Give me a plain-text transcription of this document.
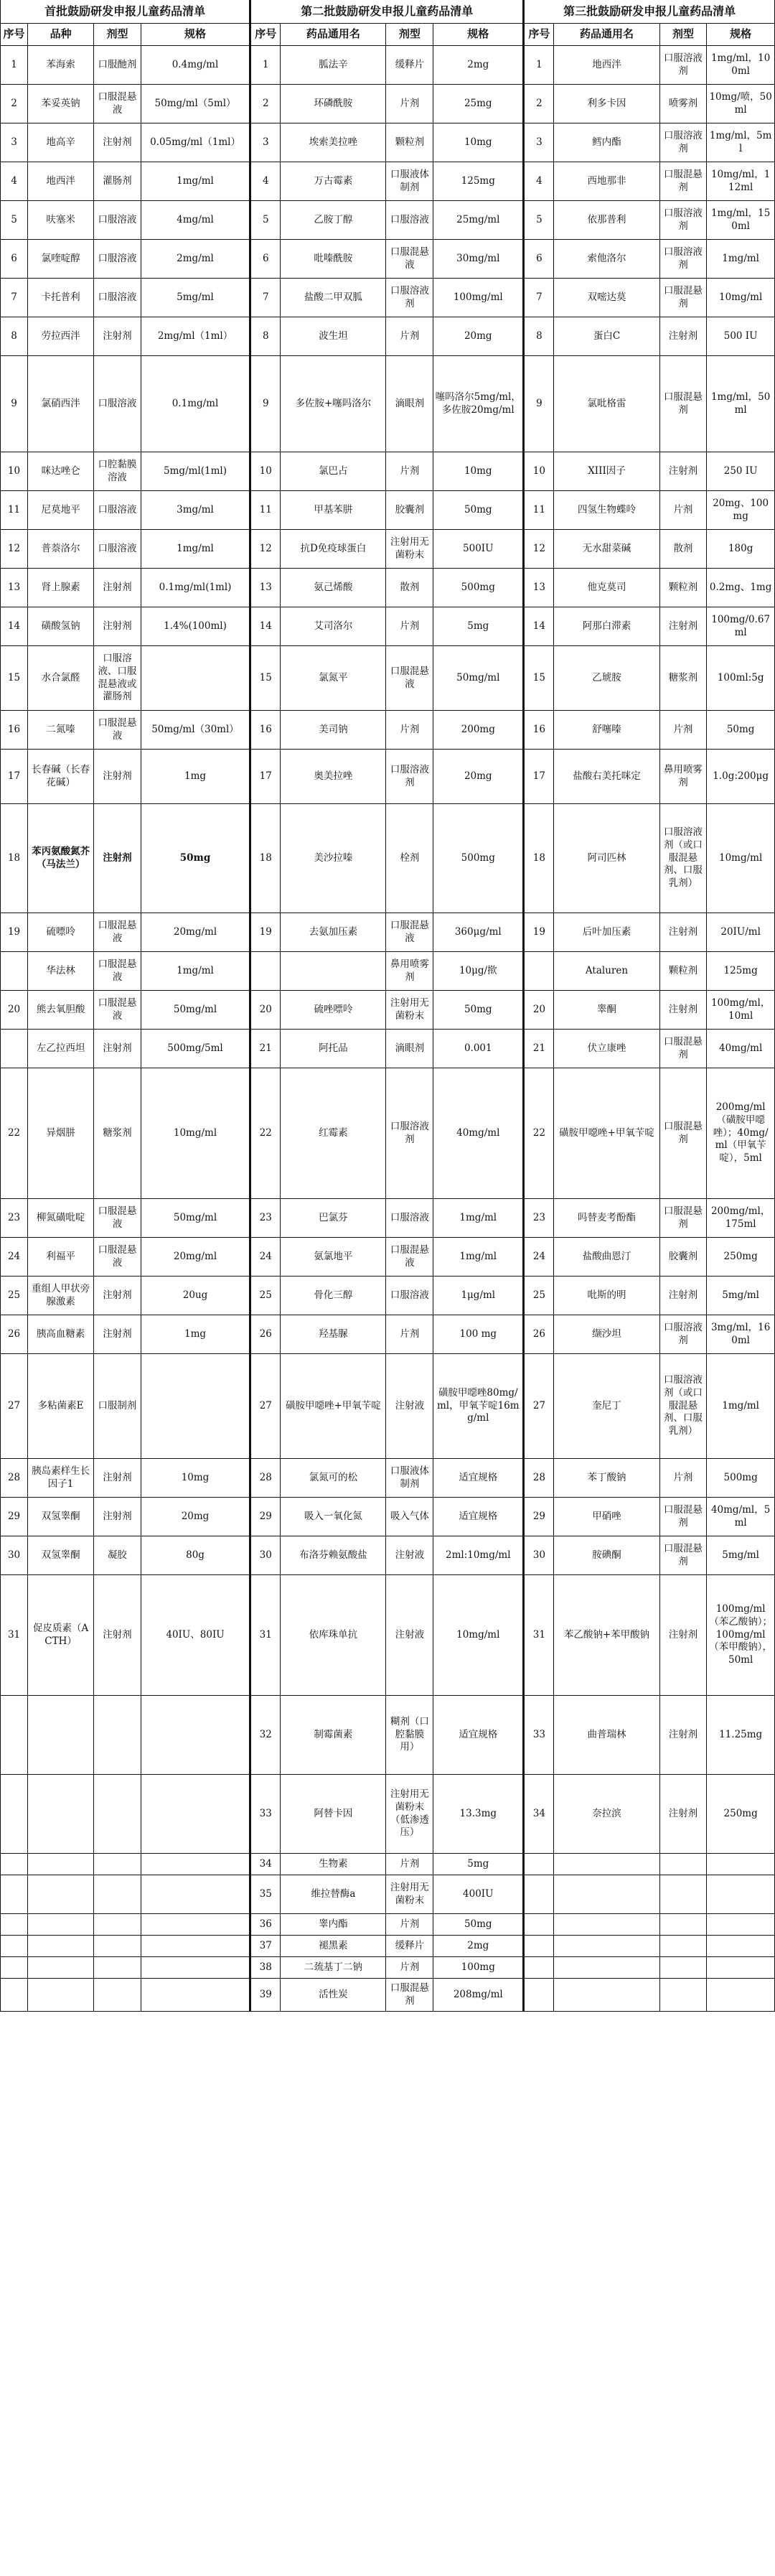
首批鼓励研发申报儿童药品清单				第二批鼓励研发申报儿童药品清单				第三批鼓励研发申报儿童药品清单			
序号	品种	剂型	规格	序号	药品通用名	剂型	规格	序号	药品通用名	剂型	规格
1	苯海索	口服酏剂	0.4mg/ml	1	胍法辛	缓释片	2mg	1	地西泮	口服溶液剂	1mg/ml，100ml
2	苯妥英钠	口服混悬液	50mg/ml（5ml）	2	环磷酰胺	片剂	25mg	2	利多卡因	喷雾剂	10mg/喷，50ml
3	地高辛	注射剂	0.05mg/ml（1ml）	3	埃索美拉唑	颗粒剂	10mg	3	鳕内酯	口服溶液剂	1mg/ml，5ml
4	地西泮	灌肠剂	1mg/ml	4	万古霉素	口服液体制剂	125mg	4	西地那非	口服混悬剂	10mg/ml，112ml
5	呋塞米	口服溶液	4mg/ml	5	乙胺丁醇	口服溶液	25mg/ml	5	依那普利	口服溶液剂	1mg/ml，150ml
6	氯喹啶醇	口服溶液	2mg/ml	6	吡嗪酰胺	口服混悬液	30mg/ml	6	索他洛尔	口服溶液剂	1mg/ml
7	卡托普利	口服溶液	5mg/ml	7	盐酸二甲双胍	口服溶液剂	100mg/ml	7	双嘧达莫	口服混悬剂	10mg/ml
8	劳拉西泮	注射剂	2mg/ml（1ml）	8	波生坦	片剂	20mg	8	蛋白C	注射剂	500 IU
9	氯硝西泮	口服溶液	0.1mg/ml	9	多佐胺+噻吗洛尔	滴眼剂	噻吗洛尔5mg/ml，多佐胺20mg/ml	9	氯吡格雷	口服混悬剂	1mg/ml，50ml
10	咪达唑仑	口腔黏膜溶液	5mg/ml(1ml)	10	氯巴占	片剂	10mg	10	XIII因子	注射剂	250 IU
11	尼莫地平	口服溶液	3mg/ml	11	甲基苯肼	胶囊剂	50mg	11	四氢生物蝶呤	片剂	20mg、100mg
12	普萘洛尔	口服溶液	1mg/ml	12	抗D免疫球蛋白	注射用无菌粉末	500IU	12	无水甜菜碱	散剂	180g
13	肾上腺素	注射剂	0.1mg/ml(1ml)	13	氨己烯酸	散剂	500mg	13	他克莫司	颗粒剂	0.2mg、1mg
14	磺酸氢钠	注射剂	1.4%(100ml)	14	艾司洛尔	片剂	5mg	14	阿那白滞素	注射剂	100mg/0.67ml
15	水合氯醛	口服溶液、口服混悬液或灌肠剂		15	氯氮平	口服混悬液	50mg/ml	15	乙琥胺	糖浆剂	100ml:5g
16	二氮嗪	口服混悬液	50mg/ml（30ml）	16	美司钠	片剂	200mg	16	舒噻嗪	片剂	50mg
17	长春碱（长春花碱）	注射剂	1mg	17	奥美拉唑	口服溶液剂	20mg	17	盐酸右美托咪定	鼻用喷雾剂	1.0g:200μg
18	苯丙氨酸氮芥（马法兰）	注射剂	50mg	18	美沙拉嗪	栓剂	500mg	18	阿司匹林	口服溶液剂（或口服混悬剂、口服乳剂）	10mg/ml
19	硫嘌呤	口服混悬液	20mg/ml	19	去氨加压素	口服混悬液	360μg/ml	19	后叶加压素	注射剂	20IU/ml
	华法林	口服混悬液	1mg/ml			鼻用喷雾剂	10μg/揿		Ataluren	颗粒剂	125mg
20	熊去氧胆酸	口服混悬液	50mg/ml	20	硫唑嘌呤	注射用无菌粉末	50mg	20	睾酮	注射剂	100mg/ml，10ml
	左乙拉西坦	注射剂	500mg/5ml	21	阿托品	滴眼剂	0.001	21	伏立康唑	口服混悬剂	40mg/ml
22	异烟肼	糖浆剂	10mg/ml	22	红霉素	口服溶液剂	40mg/ml	22	磺胺甲噁唑+甲氧苄啶	口服混悬剂	200mg/ml（磺胺甲噁唑）；40mg/ml（甲氧苄啶），5ml
23	柳氮磺吡啶	口服混悬液	50mg/ml	23	巴氯芬	口服溶液	1mg/ml	23	吗替麦考酚酯	口服混悬剂	200mg/ml，175ml
24	利福平	口服混悬液	20mg/ml	24	氨氯地平	口服混悬液	1mg/ml	24	盐酸曲恩汀	胶囊剂	250mg
25	重组人甲状旁腺激素	注射剂	20ug	25	骨化三醇	口服溶液	1μg/ml	25	吡斯的明	注射剂	5mg/ml
26	胰高血糖素	注射剂	1mg	26	羟基脲	片剂	100 mg	26	缬沙坦	口服溶液剂	3mg/ml，160ml
27	多粘菌素E	口服制剂		27	磺胺甲噁唑+甲氧苄啶	注射液	磺胺甲噁唑80mg/ml，甲氧苄啶16mg/ml	27	奎尼丁	口服溶液剂（或口服混悬剂、口服乳剂）	1mg/ml
28	胰岛素样生长因子1	注射剂	10mg	28	氯氮可的松	口服液体制剂	适宜规格	28	苯丁酸钠	片剂	500mg
29	双氢睾酮	注射剂	20mg	29	吸入一氧化氮	吸入气体	适宜规格	29	甲硝唑	口服混悬剂	40mg/ml，5ml
30	双氢睾酮	凝胶	80g	30	布洛芬赖氨酸盐	注射液	2ml:10mg/ml	30	胺碘酮	口服混悬剂	5mg/ml
31	促皮质素（ACTH）	注射剂	40IU、80IU	31	依库珠单抗	注射液	10mg/ml	31	苯乙酸钠+苯甲酸钠	注射剂	100mg/ml（苯乙酸钠）；100mg/ml（苯甲酸钠），50ml
				32	制霉菌素	糊剂（口腔黏膜用）	适宜规格	33	曲普瑞林	注射剂	11.25mg
				33	阿替卡因	注射用无菌粉末（低渗透压）	13.3mg	34	奈拉滨	注射剂	250mg
				34	生物素	片剂	5mg				
				35	维拉替酶a	注射用无菌粉末	400IU				
				36	睾内酯	片剂	50mg				
				37	褪黑素	缓释片	2mg				
				38	二巯基丁二钠	片剂	100mg				
				39	活性炭	口服混悬剂	208mg/ml				
